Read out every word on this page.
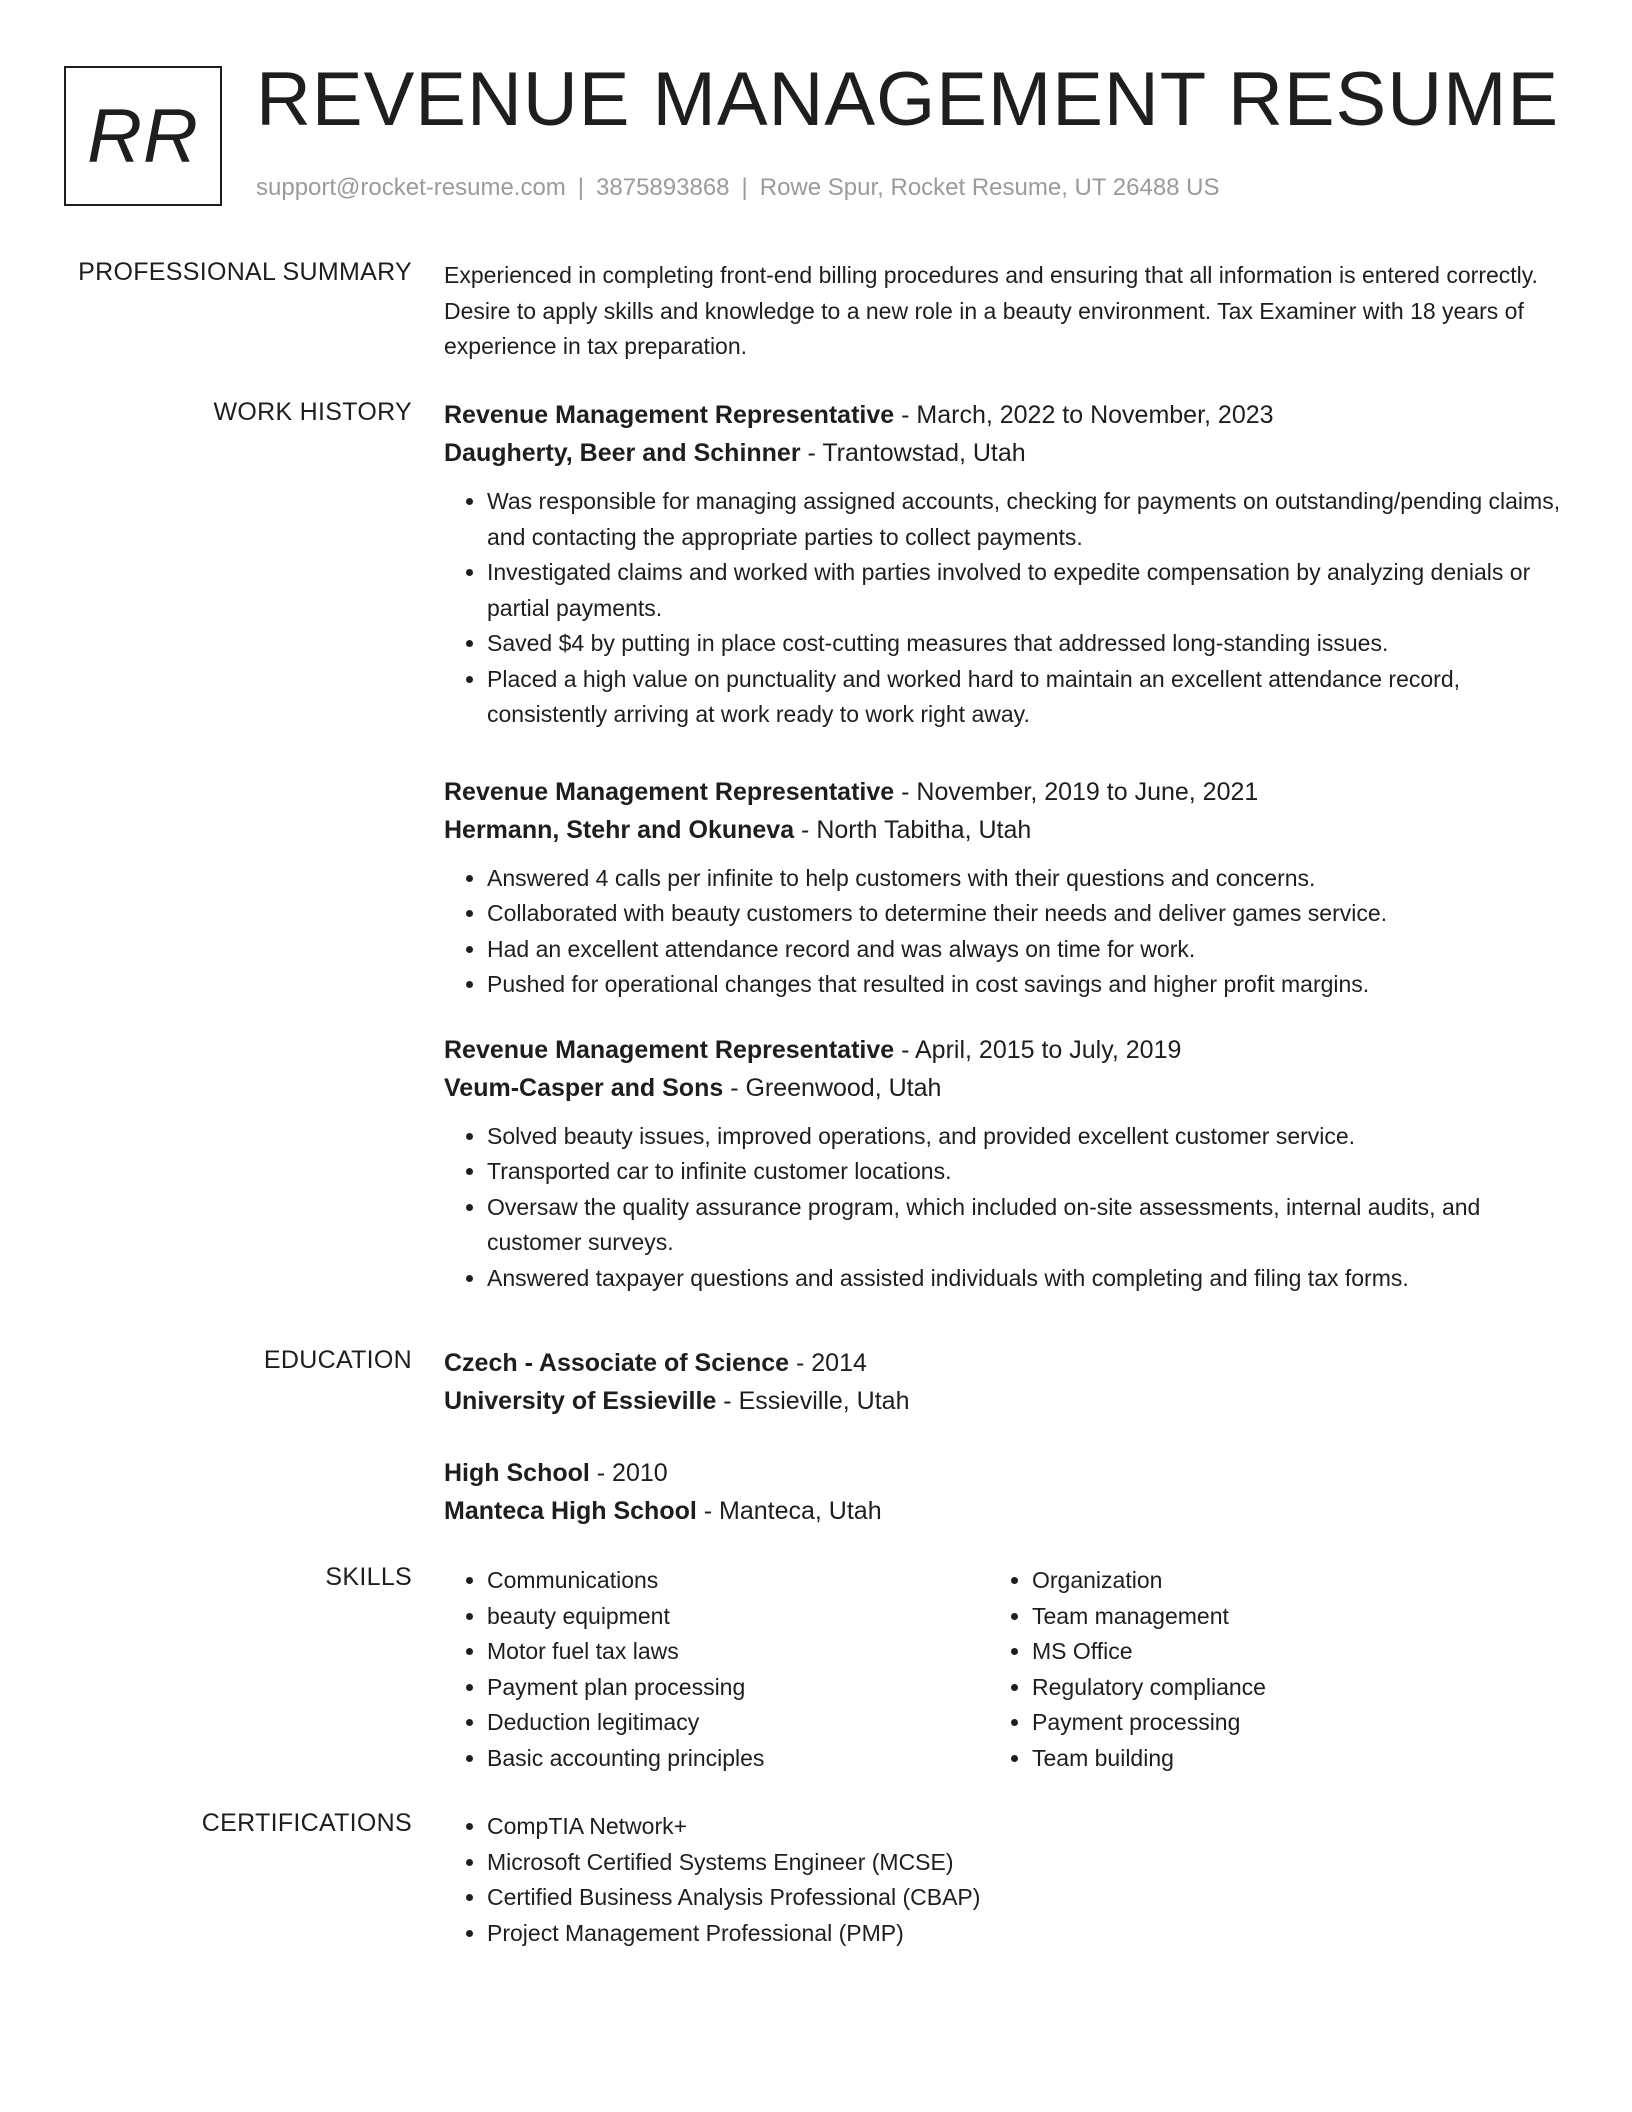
RR REVENUE MANAGEMENT RESUME
support@rocket-resume.com | 3875893868 | Rowe Spur, Rocket Resume, UT 26488 US
PROFESSIONAL SUMMARY Experienced in completing front-end billing procedures and ensuring that all information is entered correctly. Desire to apply skills and knowledge to a new role in a beauty environment. Tax Examiner with 18 years of experience in tax preparation.

WORK HISTORY Revenue Management Representative - March, 2022 to November, 2023
Daugherty, Beer and Schinner - Trantowstad, Utah
• Was responsible for managing assigned accounts, checking for payments on outstanding/pending claims, and contacting the appropriate parties to collect payments.
• Investigated claims and worked with parties involved to expedite compensation by analyzing denials or partial payments.
• Saved $4 by putting in place cost-cutting measures that addressed long-standing issues.
• Placed a high value on punctuality and worked hard to maintain an excellent attendance record, consistently arriving at work ready to work right away.
Revenue Management Representative - November, 2019 to June, 2021
Hermann, Stehr and Okuneva - North Tabitha, Utah
• Answered 4 calls per infinite to help customers with their questions and concerns.
• Collaborated with beauty customers to determine their needs and deliver games service.
• Had an excellent attendance record and was always on time for work.
• Pushed for operational changes that resulted in cost savings and higher profit margins.
Revenue Management Representative - April, 2015 to July, 2019
Veum-Casper and Sons - Greenwood, Utah
• Solved beauty issues, improved operations, and provided excellent customer service.
• Transported car to infinite customer locations.
• Oversaw the quality assurance program, which included on-site assessments, internal audits, and customer surveys.
• Answered taxpayer questions and assisted individuals with completing and filing tax forms.
EDUCATION Czech - Associate of Science - 2014
University of Essieville - Essieville, Utah
High School - 2010
Manteca High School - Manteca, Utah
SKILLS	• Communications
• beauty equipment
• Motor fuel tax laws
• Payment plan processing
• Deduction legitimacy
• Basic accounting principles
• Organization
• Team management
• MS Office
• Regulatory compliance
• Payment processing
• Team building
CERTIFICATIONS	• CompTIA Network+
• Microsoft Certified Systems Engineer (MCSE)
• Certified Business Analysis Professional (CBAP)
• Project Management Professional (PMP)
